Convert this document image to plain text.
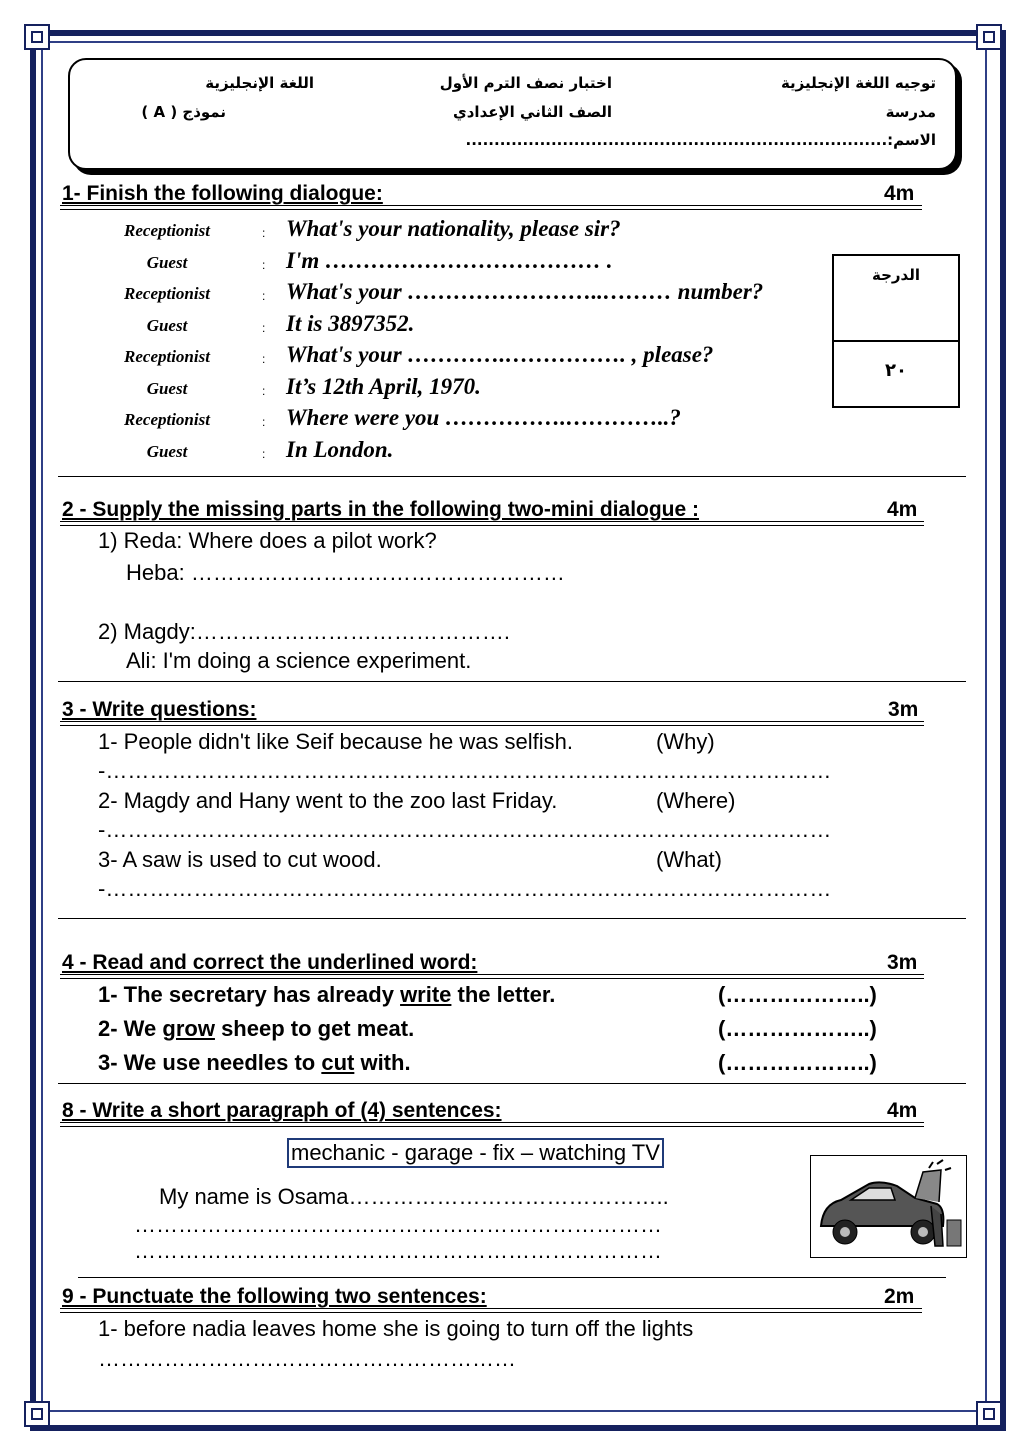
توجيه اللغة الإنجليزية
مدرسة
الاسم:..........................................................................
اختبار نصف الترم الأول
الصف الثاني الإعدادي
اللغة الإنجليزية
نموذج ( A )
1- Finish the following dialogue:	4m
Receptionist	: What's your nationality, please sir?
Guest	: I'm ……………………………… .
Receptionist	: What's your ……………………..……… number?
Guest	: It is 3897352.
Receptionist	: What's your ………….……………. , please?
Guest	: It’s 12th April, 1970.
Receptionist	: Where were you …………….…………..?
Guest	: In London.
الدرجة
٢٠
2 - Supply the missing parts in the following two-mini dialogue :	4m
1) Reda: Where does a pilot work?
Heba: ……………………………………………
2) Magdy:…………………………………….
Ali: I'm doing a science experiment.
3 - Write questions:	3m
1- People didn't like Seif because he was selfish.	(Why)
-………………………………………………………………………………………
2- Magdy and Hany went to the zoo last Friday.	(Where)
-………………………………………………………………………………………
3- A saw is used to cut wood.	(What)
-………………………………………………………………………………………
4 - Read and correct the underlined word:	3m
1- The secretary has already write the letter.	(………………..)
2- We grow sheep to get meat.	(………………..)
3- We use needles to cut with.	(………………..)
8 - Write a short paragraph of (4) sentences:	4m
mechanic - garage - fix – watching TV
My name is Osama……………………………………..
………………………………………………………………
………………………………………………………………
9 - Punctuate the following two sentences:	2m
1- before nadia leaves home she is going to turn off the lights
…………………………………………………
